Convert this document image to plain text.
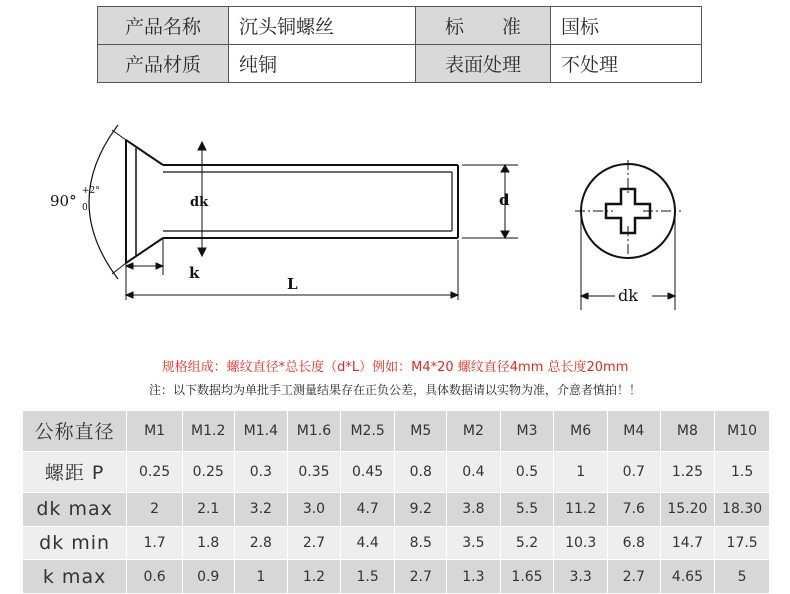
产品名称	沉头铜螺丝	标　　准	国标
产品材质	纯铜	表面处理	不处理
90°
+2°
0	dk	d
k
L
dk
规格组成：螺纹直径*总长度（d*L）例如：M4*20 螺纹直径4mm 总长度20mm
注：以下数据均为单批手工测量结果存在正负公差，具体数据请以实物为准，介意者慎拍！！
公称直径	M1	M1.2	M1.4	M1.6	M2.5	M5	M2	M3	M6	M4	M8	M10
螺距 P	0.25	0.25	0.3	0.35	0.45	0.8	0.4	0.5	1	0.7	1.25	1.5
dk max	2	2.1	3.2	3.0	4.7	9.2	3.8	5.5	11.2	7.6	15.20	18.30
dk min	1.7	1.8	2.8	2.7	4.4	8.5	3.5	5.2	10.3	6.8	14.7	17.5
k max	0.6	0.9	1	1.2	1.5	2.7	1.3	1.65	3.3	2.7	4.65	5
